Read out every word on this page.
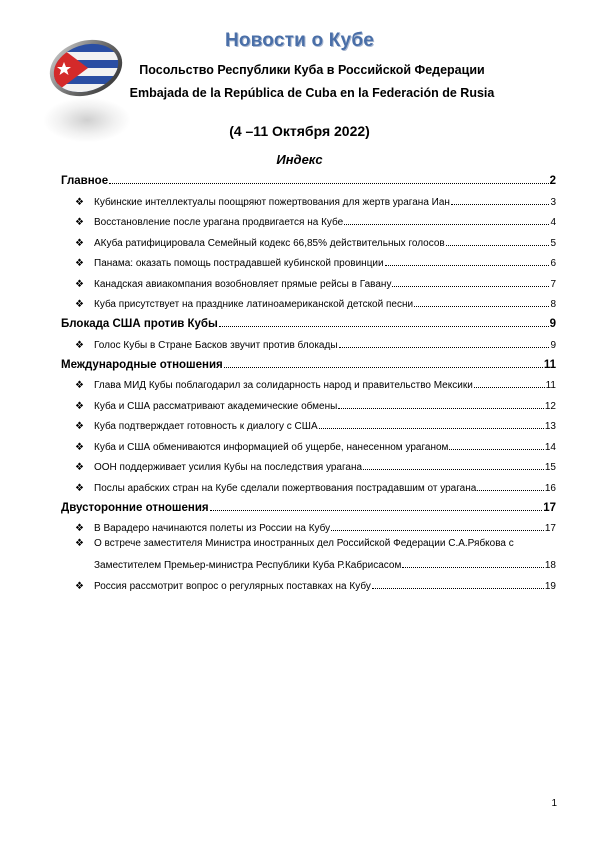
Новости о Кубе
Посольство Республики Куба в Российской Федерации
Embajada de la República de Cuba en la Federación de Rusia
(4 –11 Октября 2022)
Индекс
Главное	2
❖	Кубинские интеллектуалы поощряют пожертвования для жертв урагана Иан	3
❖	Восстановление после урагана продвигается на Кубе	4
❖	АКуба ратифицировала Семейный кодекс 66,85% действительных голосов	5
❖	Панама: оказать помощь пострадавшей кубинской провинции	6
❖	Канадская авиакомпания возобновляет прямые рейсы в Гавану	7
❖	Куба присутствует на празднике латиноамериканской детской песни	8
Блокада США против Кубы	9
❖	Голос Кубы в Стране Басков звучит против блокады	9
Международные отношения	11
❖	Глава МИД Кубы поблагодарил за солидарность народ и правительство Мексики	11
❖	Куба и США рассматривают академические обмены	12
❖	Куба подтверждает готовность к диалогу с США	13
❖	Куба и США обмениваются информацией об ущербе, нанесенном ураганом	14
❖	ООН поддерживает усилия Кубы на последствия урагана	15
❖	Послы арабских стран на Кубе сделали пожертвования пострадавшим от урагана	16
Двусторонние отношения	17
❖	В Варадеро начинаются полеты из России на Кубу	17
❖	О встрече заместителя Министра иностранных дел Российской Федерации С.А.Рябкова с
Заместителем Премьер-министра Республики Куба Р.Кабрисасом	18
❖	Россия рассмотрит вопрос о регулярных поставках на Кубу	19
1
